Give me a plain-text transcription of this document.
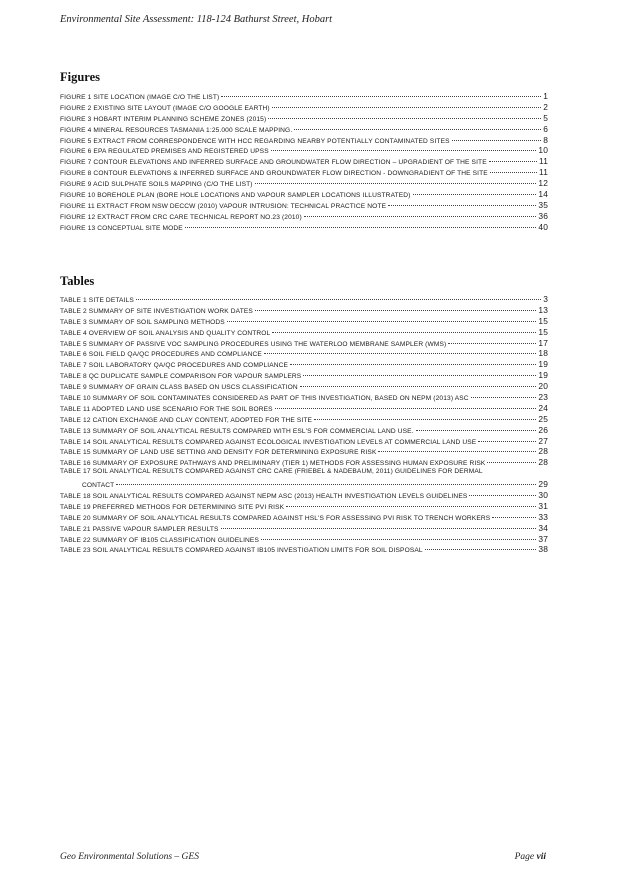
Environmental Site Assessment: 118-124 Bathurst Street, Hobart
Figures
FIGURE 1 SITE LOCATION (IMAGE C/O THE LIST)	1
FIGURE 2 EXISTING SITE LAYOUT (IMAGE C/O GOOGLE EARTH)	2
FIGURE 3 HOBART INTERIM PLANNING SCHEME ZONES (2015)	5
FIGURE 4 MINERAL RESOURCES TASMANIA 1:25.000 SCALE MAPPING.	6
FIGURE 5 EXTRACT FROM CORRESPONDENCE WITH HCC REGARDING NEARBY POTENTIALLY CONTAMINATED SITES	8
FIGURE 6 EPA REGULATED PREMISES AND REGISTERED UPSS	10
FIGURE 7 CONTOUR ELEVATIONS AND INFERRED SURFACE AND GROUNDWATER FLOW DIRECTION – UPGRADIENT OF THE SITE	11
FIGURE 8 CONTOUR ELEVATIONS & INFERRED SURFACE AND GROUNDWATER FLOW DIRECTION - DOWNGRADIENT OF THE SITE	11
FIGURE 9 ACID SULPHATE SOILS MAPPING (C/O THE LIST)	12
FIGURE 10 BOREHOLE PLAN (BORE HOLE LOCATIONS AND VAPOUR SAMPLER LOCATIONS ILLUSTRATED)	14
FIGURE 11 EXTRACT FROM NSW DECCW (2010) VAPOUR INTRUSION: TECHNICAL PRACTICE NOTE	35
FIGURE 12 EXTRACT FROM CRC CARE TECHNICAL REPORT NO.23 (2010)	36
FIGURE 13 CONCEPTUAL SITE MODE	40
Tables
TABLE 1 SITE DETAILS	3
TABLE 2 SUMMARY OF SITE INVESTIGATION WORK DATES	13
TABLE 3 SUMMARY OF SOIL SAMPLING METHODS	15
TABLE 4 OVERVIEW OF SOIL ANALYSIS AND QUALITY CONTROL	15
TABLE 5 SUMMARY OF PASSIVE VOC SAMPLING PROCEDURES USING THE WATERLOO MEMBRANE SAMPLER (WMS)	17
TABLE 6 SOIL FIELD QA/QC PROCEDURES AND COMPLIANCE	18
TABLE 7 SOIL LABORATORY QA/QC PROCEDURES AND COMPLIANCE	19
TABLE 8 QC DUPLICATE SAMPLE COMPARISON FOR VAPOUR SAMPLERS	19
TABLE 9 SUMMARY OF GRAIN CLASS BASED ON USCS CLASSIFICATION	20
TABLE 10 SUMMARY OF SOIL CONTAMINATES CONSIDERED AS PART OF THIS INVESTIGATION, BASED ON NEPM (2013) ASC	23
TABLE 11 ADOPTED LAND USE SCENARIO FOR THE SOIL BORES	24
TABLE 12 CATION EXCHANGE AND CLAY CONTENT, ADOPTED FOR THE SITE	25
TABLE 13 SUMMARY OF SOIL ANALYTICAL RESULTS COMPARED WITH ESL'S FOR COMMERCIAL LAND USE.	26
TABLE 14 SOIL ANALYTICAL RESULTS COMPARED AGAINST ECOLOGICAL INVESTIGATION LEVELS AT COMMERCIAL LAND USE	27
TABLE 15 SUMMARY OF LAND USE SETTING AND DENSITY FOR DETERMINING EXPOSURE RISK	28
TABLE 16 SUMMARY OF EXPOSURE PATHWAYS AND PRELIMINARY (TIER 1) METHODS FOR ASSESSING HUMAN EXPOSURE RISK	28
TABLE 17 SOIL ANALYTICAL RESULTS COMPARED AGAINST CRC CARE (FRIEBEL & NADEBAUM, 2011) GUIDELINES FOR DERMAL
CONTACT	29
TABLE 18 SOIL ANALYTICAL RESULTS COMPARED AGAINST NEPM ASC (2013) HEALTH INVESTIGATION LEVELS GUIDELINES	30
TABLE 19 PREFERRED METHODS FOR DETERMINING SITE PVI RISK	31
TABLE 20 SUMMARY OF SOIL ANALYTICAL RESULTS COMPARED AGAINST HSL'S FOR ASSESSING PVI RISK TO TRENCH WORKERS	33
TABLE 21 PASSIVE VAPOUR SAMPLER RESULTS	34
TABLE 22 SUMMARY OF IB105 CLASSIFICATION GUIDELINES	37
TABLE 23 SOIL ANALYTICAL RESULTS COMPARED AGAINST IB105 INVESTIGATION LIMITS FOR SOIL DISPOSAL	38
Geo Environmental Solutions – GES	Page vii
